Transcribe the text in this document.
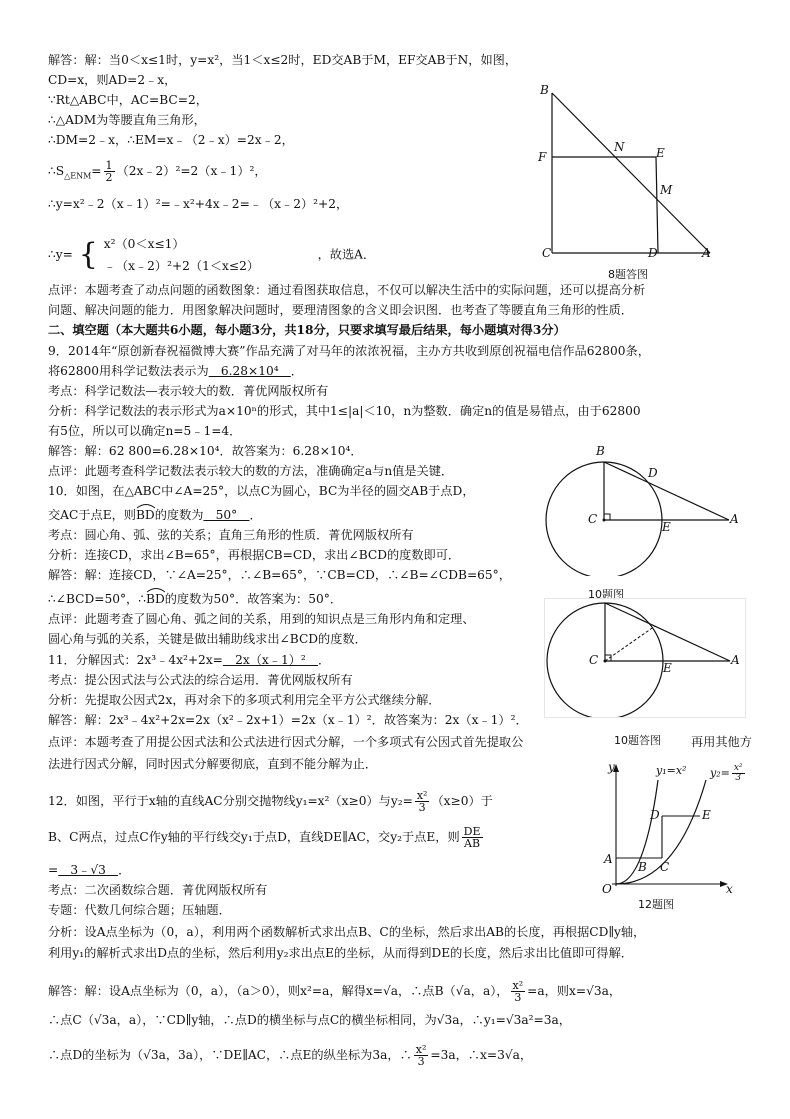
解答：解：当0＜x≤1时，y=x²，当1＜x≤2时，ED交AB于M，EF交AB于N，如图，
CD=x，则AD=2﹣x，
∵Rt△ABC中，AC=BC=2，
∴△ADM为等腰直角三角形，
∴DM=2﹣x，∴EM=x﹣（2﹣x）=2x﹣2，
$\therefore S_{\triangle ENM}= \frac{1}{2}$ （2x﹣2）²=2（x﹣1）²，
∴y=x²﹣2（x﹣1）²=﹣x²+4x﹣2=﹣（x﹣2）²+2，
∴y= { x²（0＜x≤1）
﹣（x﹣2）²+2（1＜x≤2）
，故选A．
点评：本题考查了动点问题的函数图象：通过看图获取信息，不仅可以解决生活中的实际问题，还可以提高分析
问题、解决问题的能力．用图象解决问题时，要理清图象的含义即会识图．也考查了等腰直角三角形的性质．
二、填空题（本大题共6小题，每小题3分，共18分，只要求填写最后结果，每小题填对得3分）
9．2014年“原创新春祝福微博大赛”作品充满了对马年的浓浓祝福，主办方共收到原创祝福电信作品62800条，
将62800用科学记数法表示为　6.28×10⁴　．
考点：科学记数法—表示较大的数．菁优网版权所有
分析：科学记数法的表示形式为a×10ⁿ的形式，其中1≤|a|＜10，n为整数．确定n的值是易错点，由于62800
有5位，所以可以确定n=5﹣1=4．
解答：解：62 800=6.28×10⁴．故答案为：6.28×10⁴．
点评：此题考查科学记数法表示较大的数的方法，准确确定a与n值是关键．
10．如图，在△ABC中∠A=25°，以点C为圆心，BC为半径的圆交AB于点D，
交AC于点E，则
BD的度数为　50°　．
考点：圆心角、弧、弦的关系；直角三角形的性质．菁优网版权所有
分析：连接CD，求出∠B=65°，再根据CB=CD，求出∠BCD的度数即可．
解答：解：连接CD，∵∠A=25°，∴∠B=65°，∵CB=CD，∴∠B=∠CDB=65°，
∴∠BCD=50°，∴
BD的度数为50°．故答案为：50°．
点评：此题考查了圆心角、弧之间的关系，用到的知识点是三角形内角和定理、
圆心角与弧的关系，关键是做出辅助线求出∠BCD的度数．
11．分解因式：2x³﹣4x²+2x=　2x（x﹣1）²　．
考点：提公因式法与公式法的综合运用．菁优网版权所有
分析：先提取公因式2x，再对余下的多项式利用完全平方公式继续分解．
解答：解：2x³﹣4x²+2x=2x（x²﹣2x+1）=2x（x﹣1）²．故答案为：2x（x﹣1）²．
点评：本题考查了用提公因式法和公式法进行因式分解，一个多项式有公因式首先提取公	再用其他方
法进行因式分解，同时因式分解要彻底，直到不能分解为止．
12．如图，平行于x轴的直线AC分别交抛物线y₁=x²（x≥0）与$y_2= \frac{\text{x²}}{3} (x\ge 0)$于
B、C两点，过点C作y轴的平行线交y₁于点D，直线DE∥AC，交y₂于点E，则 $\frac{DE}{AB}$
=　3﹣√3　．
考点：二次函数综合题．菁优网版权所有
专题：代数几何综合题；压轴题．
分析：设A点坐标为（0，a），利用两个函数解析式求出点B、C的坐标，然后求出AB的长度，再根据CD∥y轴，
利用y₁的解析式求出D点的坐标，然后利用y₂求出点E的坐标，从而得到DE的长度，然后求出比值即可得解．
解答：解：设A点坐标为（0，a），（a＞0），则x²=a，解得x=√a，∴点B（√a，a）， $\frac{\text{x²}}{3} =a$，则x=√3a，
∴点C（√3a，a），∵CD∥y轴，∴点D的横坐标与点C的横坐标相同，为√3a，∴y₁=√3a²=3a，
∴点D的坐标为（√3a，3a），∵DE∥AC，∴点E的纵坐标为3a，∴ $\frac{\text{x²}}{3} =3a$，∴x=3√a，
B
F
N	E
M
C	D	A
8题答图
B
D
C
E
A
10题图
C
E
A
10题答图
y	y₁=x² $y_2= \frac{\text{x²}}{3}$
D	E
A
B C
O	x
12题图
